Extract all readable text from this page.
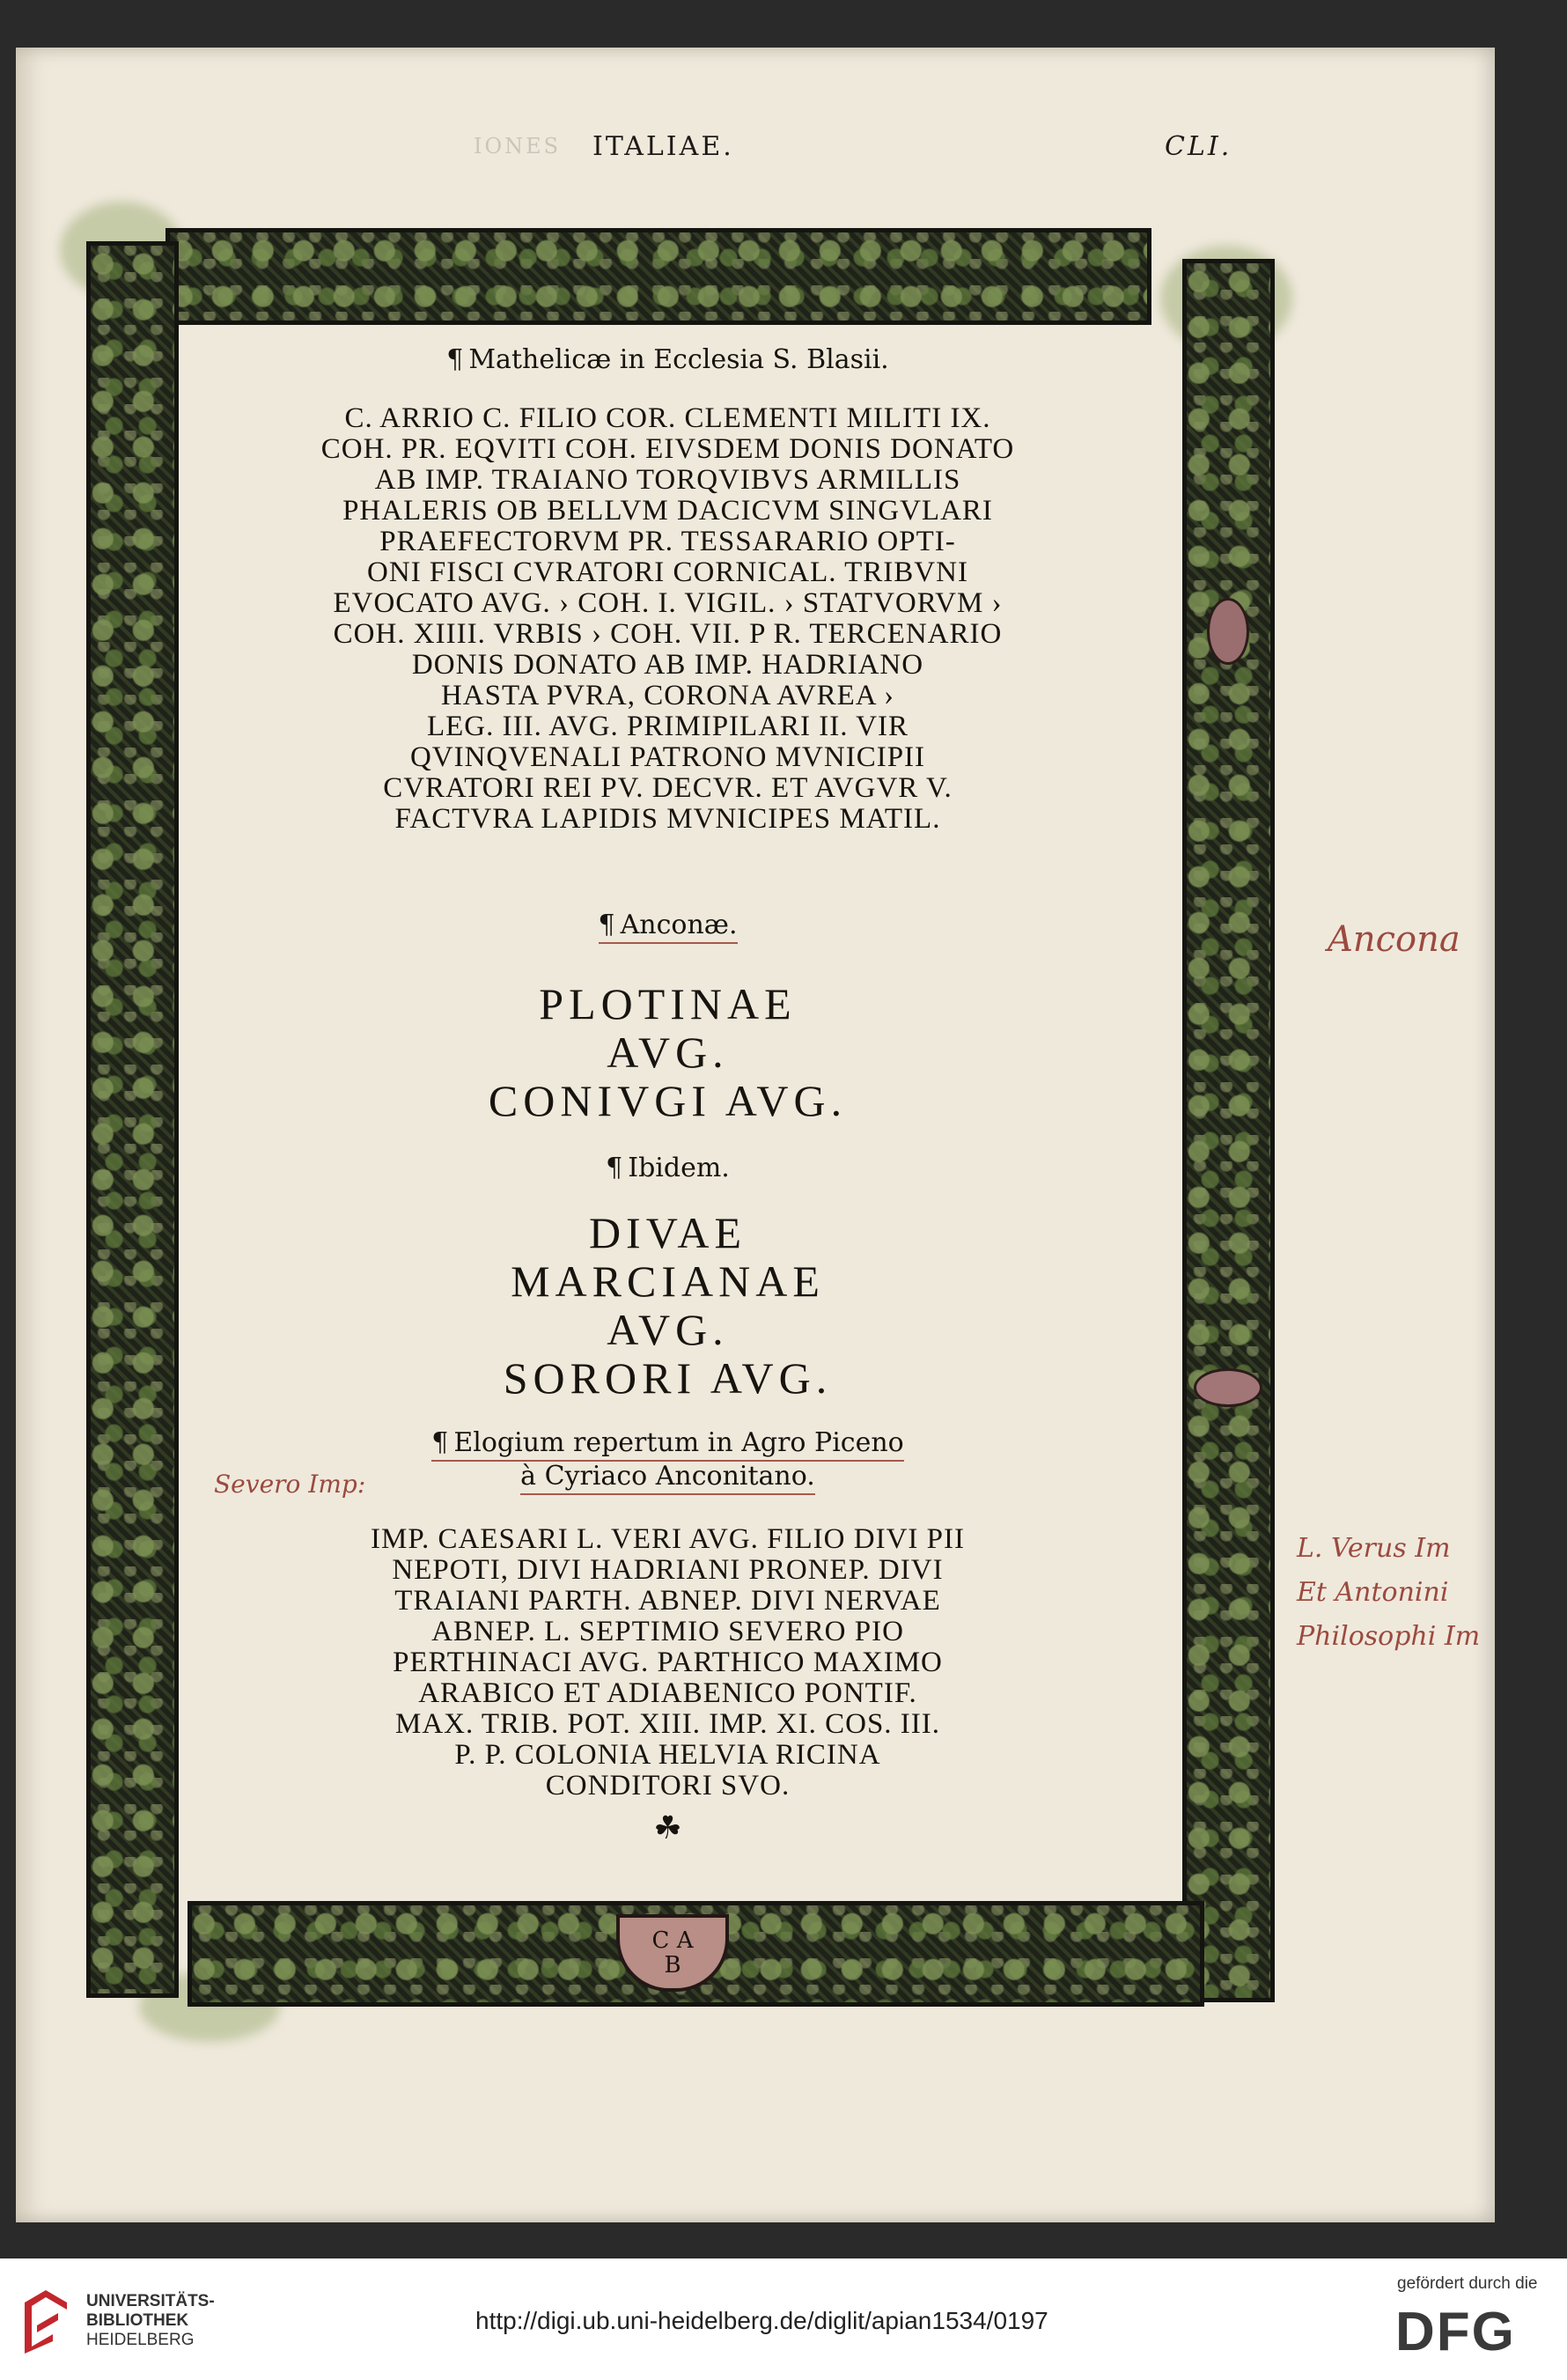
IONES ITALIAE.	CLI.
C A
B
¶ Mathelicæ in Ecclesia S. Blasii.
C. ARRIO C. FILIO COR. CLEMENTI MILITI IX.
COH. PR. EQVITI COH. EIVSDEM DONIS DONATO
AB IMP. TRAIANO TORQVIBVS ARMILLIS
PHALERIS OB BELLVM DACICVM SINGVLARI
PRAEFECTORVM PR. TESSARARIO OPTI-
ONI FISCI CVRATORI CORNICAL. TRIBVNI
EVOCATO AVG. › COH. I. VIGIL. › STATVORVM ›
COH. XIIII. VRBIS › COH. VII. P R. TERCENARIO
DONIS DONATO AB IMP. HADRIANO
HASTA PVRA, CORONA AVREA ›
LEG. III. AVG. PRIMIPILARI II. VIR
QVINQVENALI PATRONO MVNICIPII
CVRATORI REI PV. DECVR. ET AVGVR V.
FACTVRA LAPIDIS MVNICIPES MATIL.
¶ Anconæ.
PLOTINAE
AVG.
CONIVGI AVG.
¶ Ibidem.
DIVAE
MARCIANAE
AVG.
SORORI AVG.
¶ Elogium repertum in Agro Piceno
à Cyriaco Anconitano.
IMP. CAESARI L. VERI AVG. FILIO DIVI PII
NEPOTI, DIVI HADRIANI PRONEP. DIVI
TRAIANI PARTH. ABNEP. DIVI NERVAE
ABNEP. L. SEPTIMIO SEVERO PIO
PERTHINACI AVG. PARTHICO MAXIMO
ARABICO ET ADIABENICO PONTIF.
MAX. TRIB. POT. XIII. IMP. XI. COS. III.
P. P. COLONIA HELVIA RICINA
CONDITORI SVO.
☘
Ancona
Severo Imp:
L. Verus Im
Et Antonini
Philosophi Im
UNIVERSITÄTS-
BIBLIOTHEK
HEIDELBERG
http://digi.ub.uni-heidelberg.de/diglit/apian1534/0197
gefördert durch die
DFG
